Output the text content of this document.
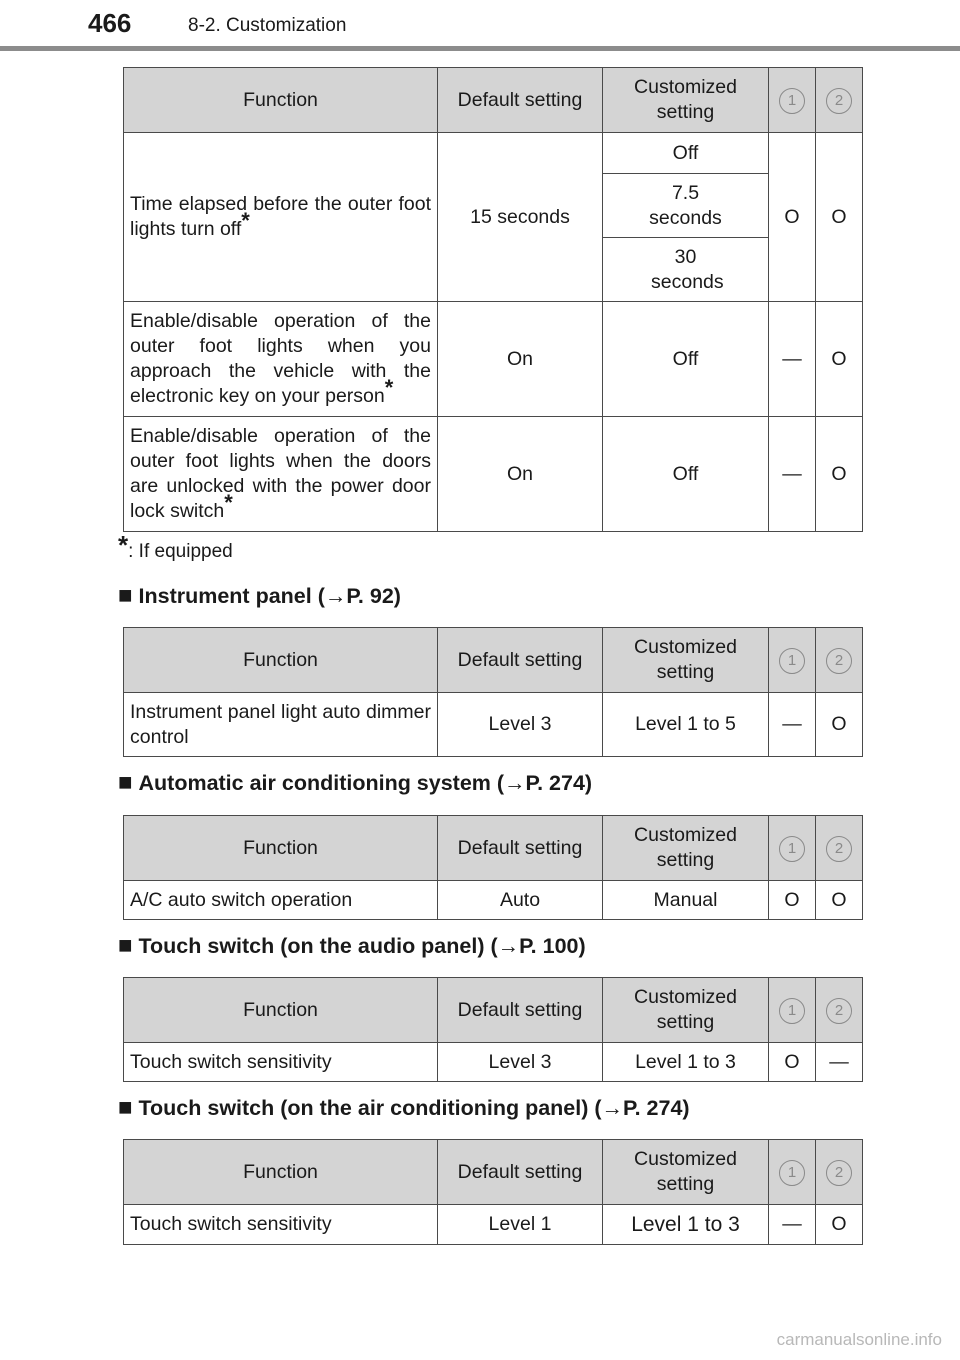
466	8-2. Customization
Function	Default setting	Customized setting	1	2
Time elapsed before the outer foot lights turn off*	15 seconds	Off	O	O
		7.5 seconds		
		30 seconds		
Enable/disable operation of the outer foot lights when you approach the vehicle with the electronic key on your person*	On	Off	—	O
Enable/disable operation of the outer foot lights when the doors are unlocked with the power door lock switch*	On	Off	—	O
*: If equipped
■ Instrument panel (→P. 92)
Function	Default setting	Customized setting	1	2
Instrument panel light auto dimmer control	Level 3	Level 1 to 5	—	O
■ Automatic air conditioning system (→P. 274)
Function	Default setting	Customized setting	1	2
A/C auto switch operation	Auto	Manual	O	O
■ Touch switch (on the audio panel) (→P. 100)
Function	Default setting	Customized setting	1	2
Touch switch sensitivity	Level 3	Level 1 to 3	O	—
■ Touch switch (on the air conditioning panel) (→P. 274)
Function	Default setting	Customized setting	1	2
Touch switch sensitivity	Level 1	Level 1 to 3	—	O
carmanualsonline.info
